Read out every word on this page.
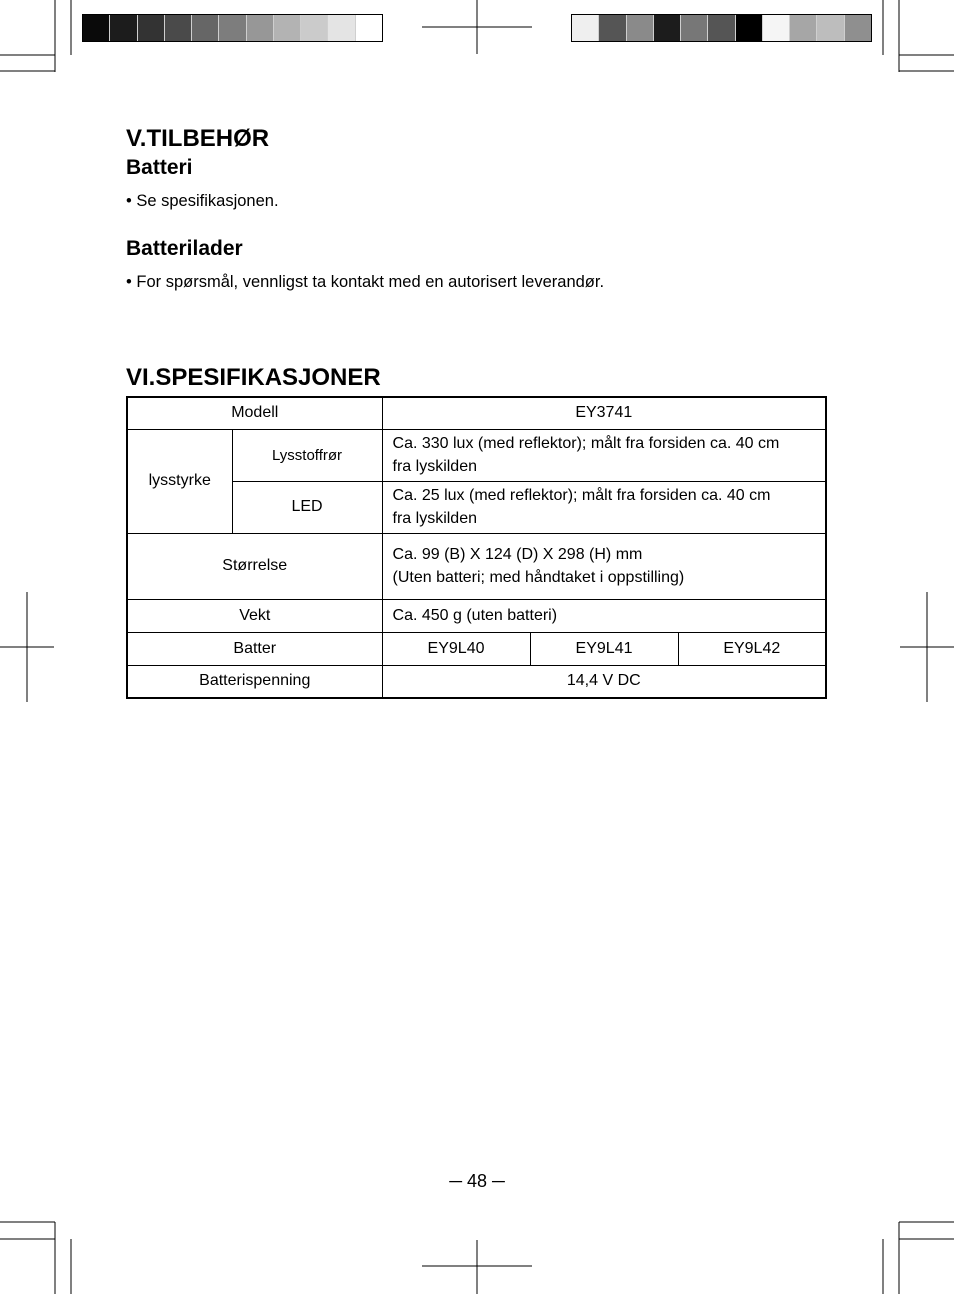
V.TILBEHØR
Batteri

• Se spesifikasjonen.

Batterilader

• For spørsmål, vennligst ta kontakt med en autorisert leverandør.

VI.SPESIFIKASJONER
Modell		EY3741		
lysstyrke	Lysstoffrør	Ca. 330 lux (med reflektor); målt fra forsiden ca. 40 cm
fra lyskilden		

	LED	Ca. 25 lux (med reflektor); målt fra forsiden ca. 40 cm
fra lyskilden		

Størrelse		Ca. 99 (B) X 124 (D) X 298 (H) mm
(Uten batteri; med håndtaket i oppstilling)		

Vekt		Ca. 450 g (uten batteri)		
Batter		EY9L40	EY9L41	EY9L42
Batterispenning		14,4 V DC		
─ 48 ─
